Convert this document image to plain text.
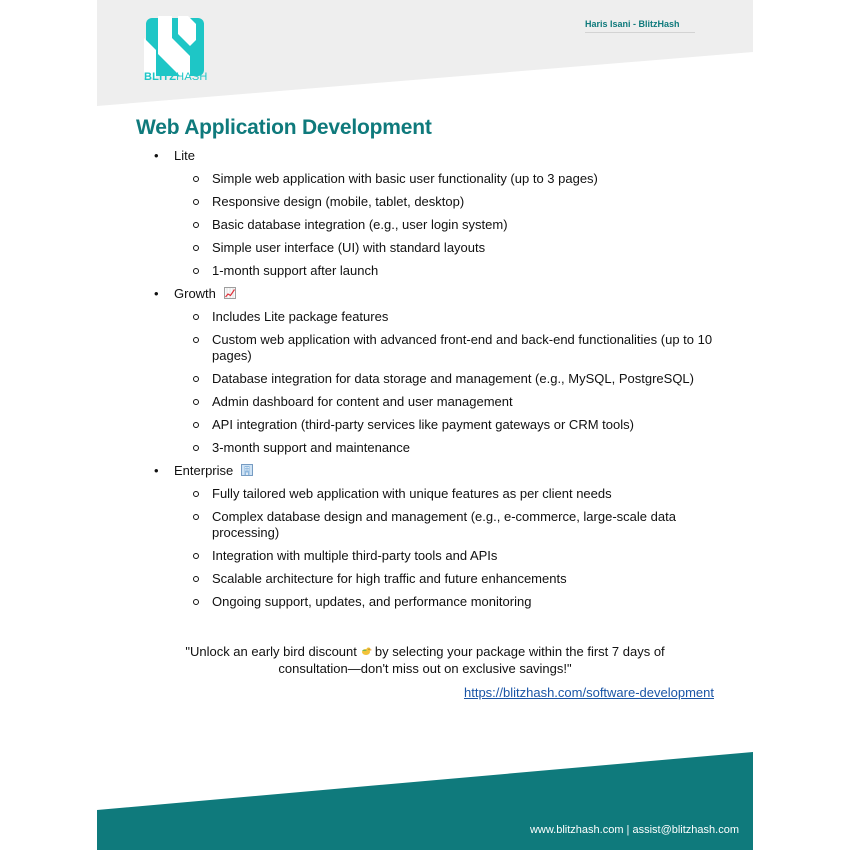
BLITZHASH
Haris Isani - BlitzHash
Web Application Development
• Lite
Simple web application with basic user functionality (up to 3 pages)
Responsive design (mobile, tablet, desktop)
Basic database integration (e.g., user login system)
Simple user interface (UI) with standard layouts
1-month support after launch
• Growth
Includes Lite package features
Custom web application with advanced front-end and back-end functionalities (up to 10 pages)
Database integration for data storage and management (e.g., MySQL, PostgreSQL)
Admin dashboard for content and user management
API integration (third-party services like payment gateways or CRM tools)
3-month support and maintenance
• Enterprise
Fully tailored web application with unique features as per client needs
Complex database design and management (e.g., e-commerce, large-scale data processing)
Integration with multiple third-party tools and APIs
Scalable architecture for high traffic and future enhancements
Ongoing support, updates, and performance monitoring
"Unlock an early bird discount by selecting your package within the first 7 days of consultation—don't miss out on exclusive savings!"
https://blitzhash.com/software-development
www.blitzhash.com | assist@blitzhash.com
